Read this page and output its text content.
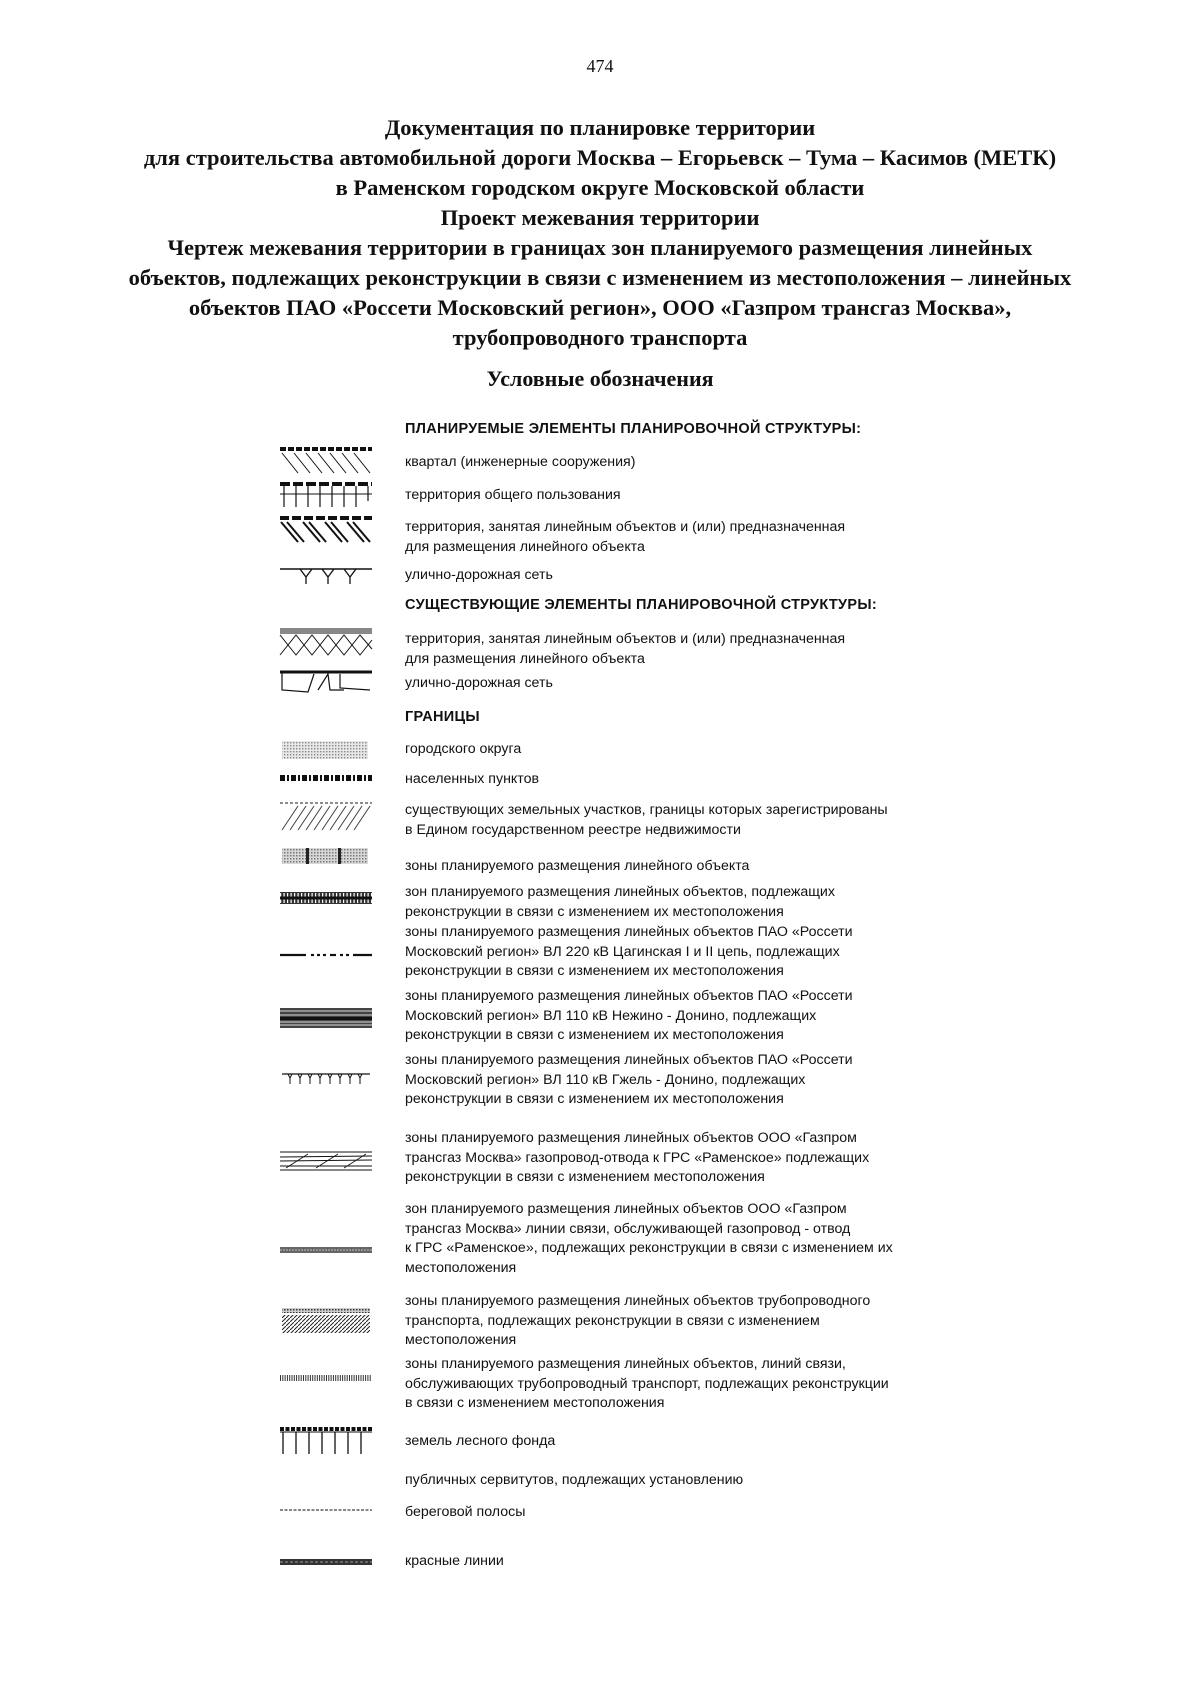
474
Документация по планировке территории
для строительства автомобильной дороги Москва – Егорьевск – Тума – Касимов (МЕТК)
в Раменском городском округе Московской области
Проект межевания территории
Чертеж межевания территории в границах зон планируемого размещения линейных
объектов, подлежащих реконструкции в связи с изменением из местоположения – линейных
объектов ПАО «Россети Московский регион», ООО «Газпром трансгаз Москва»,
трубопроводного транспорта
Условные обозначения
ПЛАНИРУЕМЫЕ ЭЛЕМЕНТЫ ПЛАНИРОВОЧНОЙ СТРУКТУРЫ:
квартал (инженерные сооружения)
территория общего пользования
территория, занятая линейным объектов и (или) предназначенная
для размещения линейного объекта
улично-дорожная сеть
СУЩЕСТВУЮЩИЕ ЭЛЕМЕНТЫ ПЛАНИРОВОЧНОЙ СТРУКТУРЫ:
территория, занятая линейным объектов и (или) предназначенная
для размещения линейного объекта
улично-дорожная сеть
ГРАНИЦЫ
городского округа
населенных пунктов
существующих земельных участков, границы которых зарегистрированы
в Едином государственном реестре недвижимости
зоны планируемого размещения линейного объекта
зон планируемого размещения линейных объектов, подлежащих
реконструкции в связи с изменением их местоположения
зоны планируемого размещения линейных объектов ПАО «Россети
Московский регион» ВЛ 220 кВ Цагинская I и II цепь, подлежащих
реконструкции в связи с изменением их местоположения
зоны планируемого размещения линейных объектов ПАО «Россети
Московский регион» ВЛ 110 кВ Нежино - Донино, подлежащих
реконструкции в связи с изменением их местоположения
зоны планируемого размещения линейных объектов ПАО «Россети
Московский регион» ВЛ 110 кВ Гжель - Донино, подлежащих
реконструкции в связи с изменением их местоположения
зоны планируемого размещения линейных объектов ООО «Газпром
трансгаз Москва» газопровод-отвода к ГРС «Раменское» подлежащих
реконструкции в связи с изменением местоположения
зон планируемого размещения линейных объектов ООО «Газпром
трансгаз Москва» линии связи, обслуживающей газопровод - отвод
к ГРС «Раменское», подлежащих реконструкции в связи с изменением их
местоположения
зоны планируемого размещения линейных объектов трубопроводного
транспорта, подлежащих реконструкции в связи с изменением
местоположения
зоны планируемого размещения линейных объектов, линий связи,
обслуживающих трубопроводный транспорт, подлежащих реконструкции
в связи с изменением местоположения
земель лесного фонда
публичных сервитутов, подлежащих установлению
береговой полосы
красные линии
